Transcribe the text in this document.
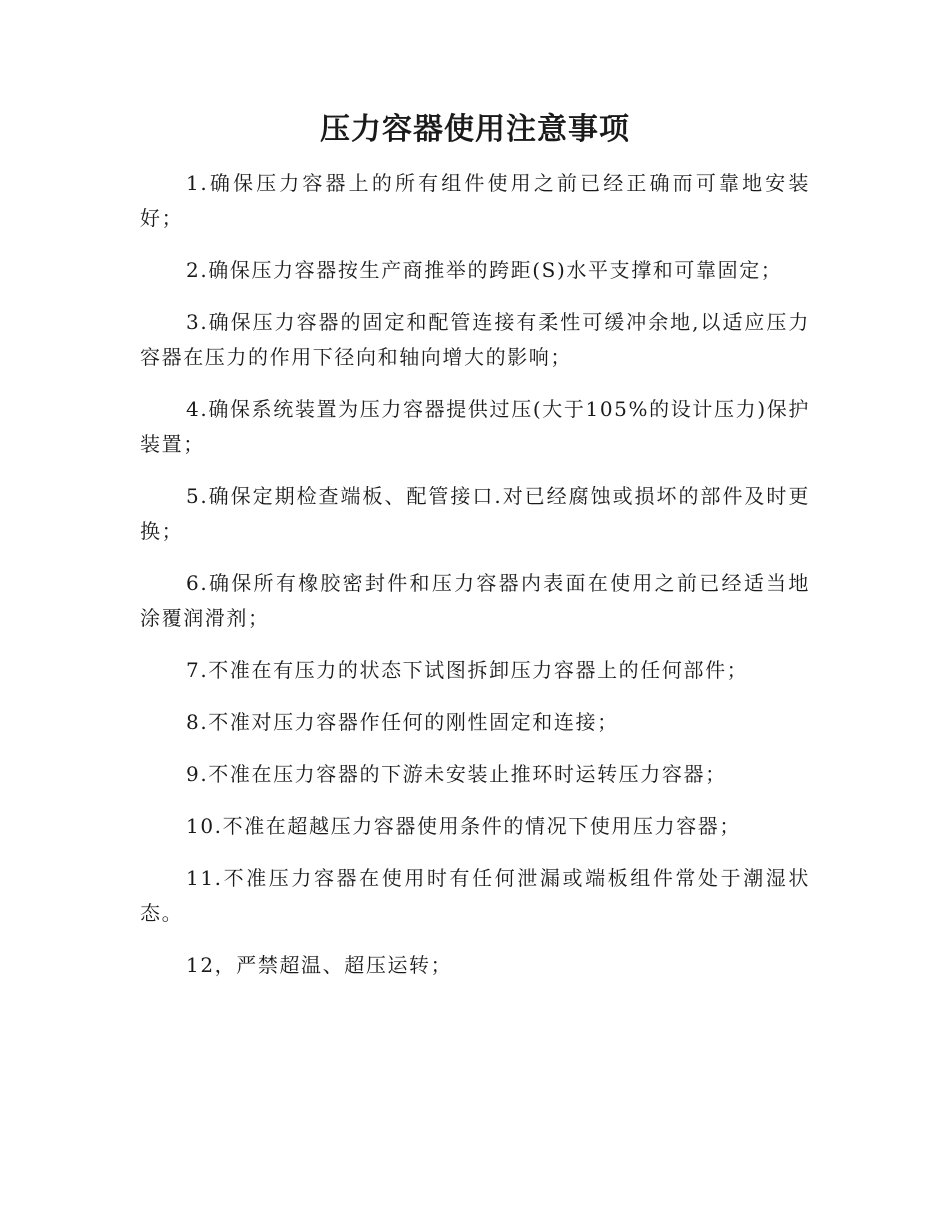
压力容器使用注意事项

1.确保压力容器上的所有组件使用之前已经正确而可靠地安装好；

2.确保压力容器按生产商推举的跨距(S)水平支撑和可靠固定；

3.确保压力容器的固定和配管连接有柔性可缓冲余地,以适应压力容器在压力的作用下径向和轴向增大的影响；

4.确保系统装置为压力容器提供过压(大于105%的设计压力)保护装置；

5.确保定期检查端板、配管接口.对已经腐蚀或损坏的部件及时更换；

6.确保所有橡胶密封件和压力容器内表面在使用之前已经适当地涂覆润滑剂；

7.不准在有压力的状态下试图拆卸压力容器上的任何部件；

8.不准对压力容器作任何的刚性固定和连接；

9.不准在压力容器的下游未安装止推环时运转压力容器；

10.不准在超越压力容器使用条件的情况下使用压力容器；

11.不准压力容器在使用时有任何泄漏或端板组件常处于潮湿状态。

12，严禁超温、超压运转；
